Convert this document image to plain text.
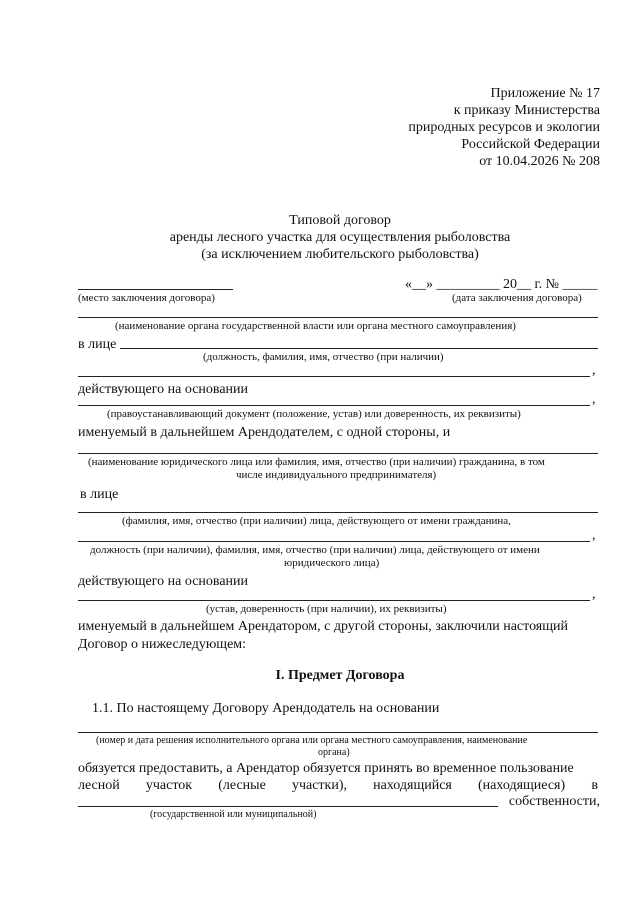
Приложение № 17
к приказу Министерства
природных ресурсов и экологии
Российской Федерации
от 10.04.2026 № 208
Типовой договор
аренды лесного участка для осуществления рыболовства
(за исключением любительского рыболовства)
(место заключения договора)
«__» _________ 20__ г. № _____
(дата заключения договора)
(наименование органа государственной власти или органа местного самоуправления)
в лице
(должность, фамилия, имя, отчество (при наличии)
,
действующего на основании
,
(правоустанавливающий документ (положение, устав) или доверенность, их реквизиты)
именуемый в дальнейшем Арендодателем, с одной стороны, и
(наименование юридического лица или фамилия, имя, отчество (при наличии) гражданина, в том
числе индивидуального предпринимателя)
в лице
(фамилия, имя, отчество (при наличии) лица, действующего от имени гражданина,
,
должность (при наличии), фамилия, имя, отчество (при наличии) лица, действующего от имени
юридического лица)
действующего на основании
,
(устав, доверенность (при наличии), их реквизиты)
именуемый в дальнейшем Арендатором, с другой стороны, заключили настоящий
Договор о нижеследующем:
I. Предмет Договора
1.1. По настоящему Договору Арендодатель на основании
(номер и дата решения исполнительного органа или органа местного самоуправления, наименование
органа)
обязуется предоставить, а Арендатор обязуется принять во временное пользование
лесной участок (лесные участки), находящийся (находящиеся) в
собственности,
(государственной или муниципальной)
